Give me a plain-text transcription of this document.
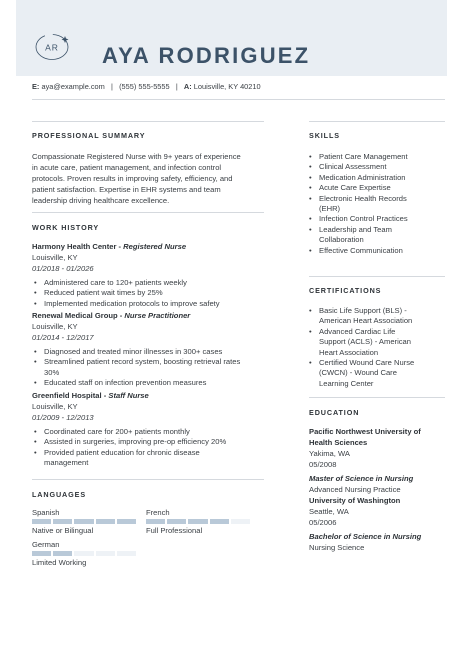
AR AYA RODRIGUEZ
E: aya@example.com | (555) 555-5555 | A: Louisville, KY 40210
PROFESSIONAL SUMMARY
Compassionate Registered Nurse with 9+ years of experience
in acute care, patient management, and infection control
protocols. Proven results in improving safety, efficiency, and
patient satisfaction. Expertise in EHR systems and team
leadership driving healthcare excellence.
WORK HISTORY
Harmony Health Center - Registered Nurse
Louisville, KY
01/2018 - 01/2026
• Administered care to 120+ patients weekly
• Reduced patient wait times by 25%
• Implemented medication protocols to improve safety
Renewal Medical Group - Nurse Practitioner
Louisville, KY
01/2014 - 12/2017
• Diagnosed and treated minor illnesses in 300+ cases
• Streamlined patient record system, boosting retrieval rates
30%
• Educated staff on infection prevention measures
Greenfield Hospital - Staff Nurse
Louisville, KY
01/2009 - 12/2013
• Coordinated care for 200+ patients monthly
• Assisted in surgeries, improving pre-op efficiency 20%
• Provided patient education for chronic disease
management
LANGUAGES
Spanish
Native or Bilingual
French
Full Professional
German
Limited Working
SKILLS
• Patient Care Management
• Clinical Assessment
• Medication Administration
• Acute Care Expertise
• Electronic Health Records
(EHR)
• Infection Control Practices
• Leadership and Team
Collaboration
• Effective Communication
CERTIFICATIONS
• Basic Life Support (BLS) -
American Heart Association
• Advanced Cardiac Life
Support (ACLS) - American
Heart Association
• Certified Wound Care Nurse
(CWCN) - Wound Care
Learning Center
EDUCATION
Pacific Northwest University of
Health Sciences
Yakima, WA
05/2008
Master of Science in Nursing
Advanced Nursing Practice
University of Washington
Seattle, WA
05/2006
Bachelor of Science in Nursing
Nursing Science
